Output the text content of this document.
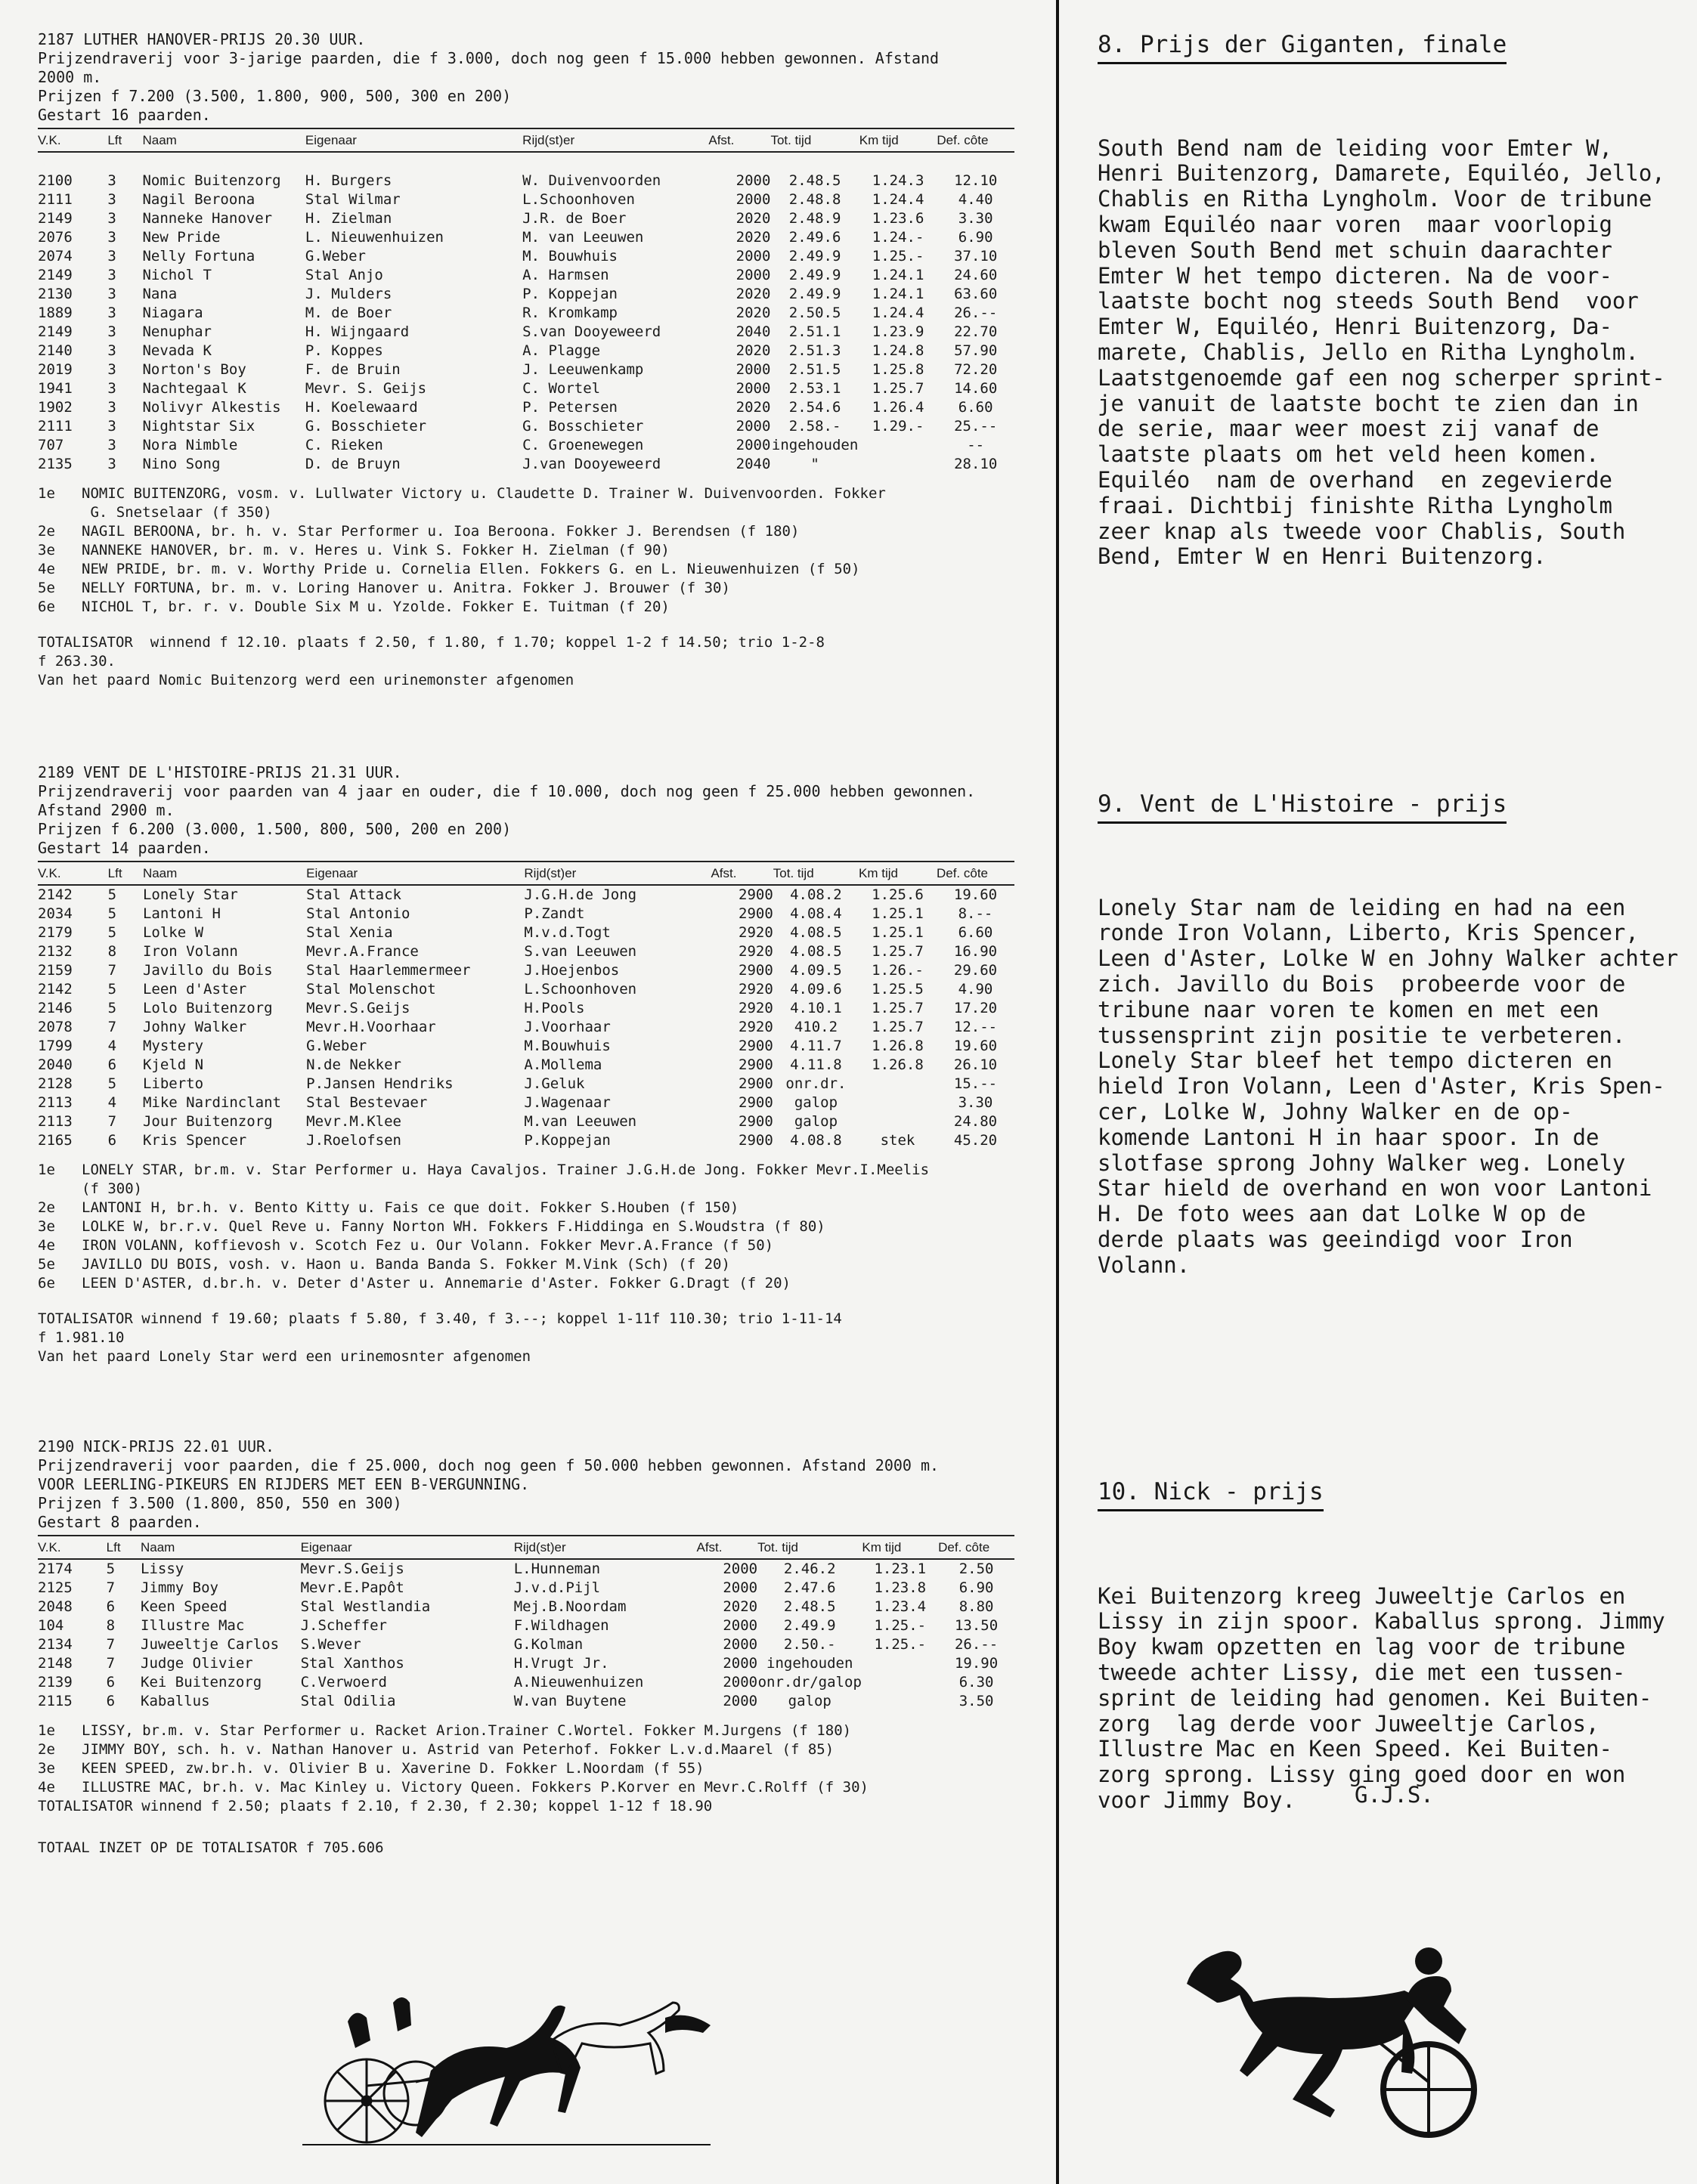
2187 LUTHER HANOVER-PRIJS 20.30 UUR.
Prijzendraverij voor 3-jarige paarden, die f 3.000, doch nog geen f 15.000 hebben gewonnen. Afstand
2000 m.
Prijzen f 7.200 (3.500, 1.800, 900, 500, 300 en 200)
Gestart 16 paarden.
V.K.	Lft	Naam	Eigenaar	Rijd(st)er	Afst.	Tot. tijd	Km tijd	Def. côte

2100	3	Nomic Buitenzorg	H. Burgers	W. Duivenvoorden	2000	2.48.5	1.24.3	12.10
2111	3	Nagil Beroona	Stal Wilmar	L.Schoonhoven	2000	2.48.8	1.24.4	4.40
2149	3	Nanneke Hanover	H. Zielman	J.R. de Boer	2020	2.48.9	1.23.6	3.30
2076	3	New Pride	L. Nieuwenhuizen	M. van Leeuwen	2020	2.49.6	1.24.-	6.90
2074	3	Nelly Fortuna	G.Weber	M. Bouwhuis	2000	2.49.9	1.25.-	37.10
2149	3	Nichol T	Stal Anjo	A. Harmsen	2000	2.49.9	1.24.1	24.60
2130	3	Nana	J. Mulders	P. Koppejan	2020	2.49.9	1.24.1	63.60
1889	3	Niagara	M. de Boer	R. Kromkamp	2020	2.50.5	1.24.4	26.--
2149	3	Nenuphar	H. Wijngaard	S.van Dooyeweerd	2040	2.51.1	1.23.9	22.70
2140	3	Nevada K	P. Koppes	A. Plagge	2020	2.51.3	1.24.8	57.90
2019	3	Norton's Boy	F. de Bruin	J. Leeuwenkamp	2000	2.51.5	1.25.8	72.20
1941	3	Nachtegaal K	Mevr. S. Geijs	C. Wortel	2000	2.53.1	1.25.7	14.60
1902	3	Nolivyr Alkestis	H. Koelewaard	P. Petersen	2020	2.54.6	1.26.4	6.60
2111	3	Nightstar Six	G. Bosschieter	G. Bosschieter	2000	2.58.-	1.29.-	25.--
707	3	Nora Nimble	C. Rieken	C. Groenewegen	2000	ingehouden		--
2135	3	Nino Song	D. de Bruyn	J.van Dooyeweerd	2040	"		28.10
1e	NOMIC BUITENZORG, vosm. v. Lullwater Victory u. Claudette D. Trainer W. Duivenvoorden. Fokker
G. Snetselaar (f 350)
2e	NAGIL BEROONA, br. h. v. Star Performer u. Ioa Beroona. Fokker J. Berendsen (f 180)
3e	NANNEKE HANOVER, br. m. v. Heres u. Vink S. Fokker H. Zielman (f 90)
4e	NEW PRIDE, br. m. v. Worthy Pride u. Cornelia Ellen. Fokkers G. en L. Nieuwenhuizen (f 50)
5e	NELLY FORTUNA, br. m. v. Loring Hanover u. Anitra. Fokker J. Brouwer (f 30)
6e	NICHOL T, br. r. v. Double Six M u. Yzolde. Fokker E. Tuitman (f 20)
TOTALISATOR  winnend f 12.10. plaats f 2.50, f 1.80, f 1.70; koppel 1-2 f 14.50; trio 1-2-8
f 263.30.
Van het paard Nomic Buitenzorg werd een urinemonster afgenomen
2189 VENT DE L'HISTOIRE-PRIJS 21.31 UUR.
Prijzendraverij voor paarden van 4 jaar en ouder, die f 10.000, doch nog geen f 25.000 hebben gewonnen.
Afstand 2900 m.
Prijzen f 6.200 (3.000, 1.500, 800, 500, 200 en 200)
Gestart 14 paarden.
V.K.	Lft	Naam	Eigenaar	Rijd(st)er	Afst.	Tot. tijd	Km tijd	Def. côte
2142	5	Lonely Star	Stal Attack	J.G.H.de Jong	2900	4.08.2	1.25.6	19.60
2034	5	Lantoni H	Stal Antonio	P.Zandt	2900	4.08.4	1.25.1	8.--
2179	5	Lolke W	Stal Xenia	M.v.d.Togt	2920	4.08.5	1.25.1	6.60
2132	8	Iron Volann	Mevr.A.France	S.van Leeuwen	2920	4.08.5	1.25.7	16.90
2159	7	Javillo du Bois	Stal Haarlemmermeer	J.Hoejenbos	2900	4.09.5	1.26.-	29.60
2142	5	Leen d'Aster	Stal Molenschot	L.Schoonhoven	2920	4.09.6	1.25.5	4.90
2146	5	Lolo Buitenzorg	Mevr.S.Geijs	H.Pools	2920	4.10.1	1.25.7	17.20
2078	7	Johny Walker	Mevr.H.Voorhaar	J.Voorhaar	2920	410.2	1.25.7	12.--
1799	4	Mystery	G.Weber	M.Bouwhuis	2900	4.11.7	1.26.8	19.60
2040	6	Kjeld N	N.de Nekker	A.Mollema	2900	4.11.8	1.26.8	26.10
2128	5	Liberto	P.Jansen Hendriks	J.Geluk	2900	onr.dr.		15.--
2113	4	Mike Nardinclant	Stal Bestevaer	J.Wagenaar	2900	galop		3.30
2113	7	Jour Buitenzorg	Mevr.M.Klee	M.van Leeuwen	2900	galop		24.80
2165	6	Kris Spencer	J.Roelofsen	P.Koppejan	2900	4.08.8	stek	45.20
1e	LONELY STAR, br.m. v. Star Performer u. Haya Cavaljos. Trainer J.G.H.de Jong. Fokker Mevr.I.Meelis
(f 300)
2e	LANTONI H, br.h. v. Bento Kitty u. Fais ce que doit. Fokker S.Houben (f 150)
3e	LOLKE W, br.r.v. Quel Reve u. Fanny Norton WH. Fokkers F.Hiddinga en S.Woudstra (f 80)
4e	IRON VOLANN, koffievosh v. Scotch Fez u. Our Volann. Fokker Mevr.A.France (f 50)
5e	JAVILLO DU BOIS, vosh. v. Haon u. Banda Banda S. Fokker M.Vink (Sch) (f 20)
6e	LEEN D'ASTER, d.br.h. v. Deter d'Aster u. Annemarie d'Aster. Fokker G.Dragt (f 20)
TOTALISATOR winnend f 19.60; plaats f 5.80, f 3.40, f 3.--; koppel 1-11f 110.30; trio 1-11-14
f 1.981.10
Van het paard Lonely Star werd een urinemosnter afgenomen
2190 NICK-PRIJS 22.01 UUR.
Prijzendraverij voor paarden, die f 25.000, doch nog geen f 50.000 hebben gewonnen. Afstand 2000 m.
VOOR LEERLING-PIKEURS EN RIJDERS MET EEN B-VERGUNNING.
Prijzen f 3.500 (1.800, 850, 550 en 300)
Gestart 8 paarden.
V.K.	Lft	Naam	Eigenaar	Rijd(st)er	Afst.	Tot. tijd	Km tijd	Def. côte
2174	5	Lissy	Mevr.S.Geijs	L.Hunneman	2000	2.46.2	1.23.1	2.50
2125	7	Jimmy Boy	Mevr.E.Papôt	J.v.d.Pijl	2000	2.47.6	1.23.8	6.90
2048	6	Keen Speed	Stal Westlandia	Mej.B.Noordam	2020	2.48.5	1.23.4	8.80
104	8	Illustre Mac	J.Scheffer	F.Wildhagen	2000	2.49.9	1.25.-	13.50
2134	7	Juweeltje Carlos	S.Wever	G.Kolman	2000	2.50.-	1.25.-	26.--
2148	7	Judge Olivier	Stal Xanthos	H.Vrugt Jr.	2000	ingehouden		19.90
2139	6	Kei Buitenzorg	C.Verwoerd	A.Nieuwenhuizen	2000	onr.dr/galop		6.30
2115	6	Kaballus	Stal Odilia	W.van Buytene	2000	galop		3.50
1e	LISSY, br.m. v. Star Performer u. Racket Arion.Trainer C.Wortel. Fokker M.Jurgens (f 180)
2e	JIMMY BOY, sch. h. v. Nathan Hanover u. Astrid van Peterhof. Fokker L.v.d.Maarel (f 85)
3e	KEEN SPEED, zw.br.h. v. Olivier B u. Xaverine D. Fokker L.Noordam (f 55)
4e	ILLUSTRE MAC, br.h. v. Mac Kinley u. Victory Queen. Fokkers P.Korver en Mevr.C.Rolff (f 30)
TOTALISATOR winnend f 2.50; plaats f 2.10, f 2.30, f 2.30; koppel 1-12 f 18.90
TOTAAL INZET OP DE TOTALISATOR f 705.606
8. Prijs der Giganten, finale

South Bend nam de leiding voor Emter W,
Henri Buitenzorg, Damarete, Equiléo, Jello,
Chablis en Ritha Lyngholm. Voor de tribune
kwam Equiléo naar voren  maar voorlopig
bleven South Bend met schuin daarachter
Emter W het tempo dicteren. Na de voor-
laatste bocht nog steeds South Bend  voor
Emter W, Equiléo, Henri Buitenzorg, Da-
marete, Chablis, Jello en Ritha Lyngholm.
Laatstgenoemde gaf een nog scherper sprint-
je vanuit de laatste bocht te zien dan in
de serie, maar weer moest zij vanaf de
laatste plaats om het veld heen komen.
Equiléo  nam de overhand  en zegevierde
fraai. Dichtbij finishte Ritha Lyngholm
zeer knap als tweede voor Chablis, South
Bend, Emter W en Henri Buitenzorg.

9. Vent de L'Histoire - prijs

Lonely Star nam de leiding en had na een
ronde Iron Volann, Liberto, Kris Spencer,
Leen d'Aster, Lolke W en Johny Walker achter
zich. Javillo du Bois  probeerde voor de
tribune naar voren te komen en met een
tussensprint zijn positie te verbeteren.
Lonely Star bleef het tempo dicteren en
hield Iron Volann, Leen d'Aster, Kris Spen-
cer, Lolke W, Johny Walker en de op-
komende Lantoni H in haar spoor. In de
slotfase sprong Johny Walker weg. Lonely
Star hield de overhand en won voor Lantoni
H. De foto wees aan dat Lolke W op de
derde plaats was geeindigd voor Iron
Volann.

10. Nick - prijs

Kei Buitenzorg kreeg Juweeltje Carlos en
Lissy in zijn spoor. Kaballus sprong. Jimmy
Boy kwam opzetten en lag voor de tribune
tweede achter Lissy, die met een tussen-
sprint de leiding had genomen. Kei Buiten-
zorg  lag derde voor Juweeltje Carlos,
Illustre Mac en Keen Speed. Kei Buiten-
zorg sprong. Lissy ging goed door en won
voor Jimmy Boy.

	G.J.S.
